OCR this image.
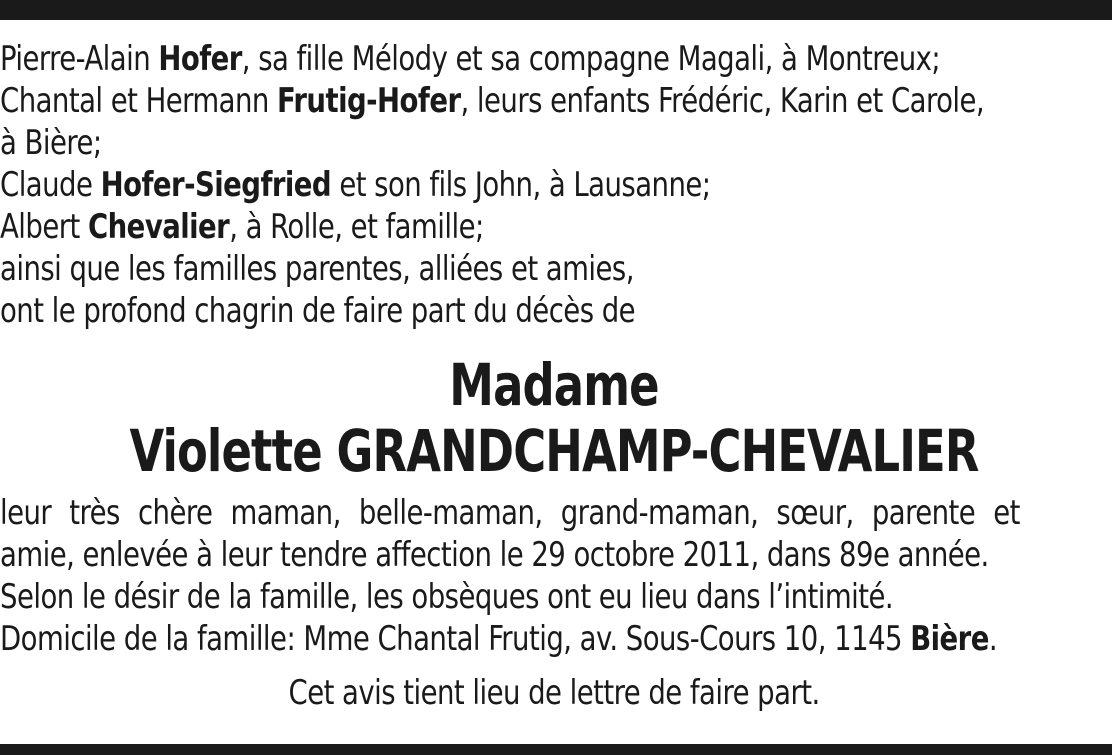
Pierre-Alain Hofer, sa fille Mélody et sa compagne Magali, à Montreux;

Chantal et Hermann Frutig-Hofer, leurs enfants Frédéric, Karin et Carole,

à Bière;

Claude Hofer-Siegfried et son fils John, à Lausanne;

Albert Chevalier, à Rolle, et famille;

ainsi que les familles parentes, alliées et amies,

ont le profond chagrin de faire part du décès de

Madame
Violette GRANDCHAMP-CHEVALIER

leur très chère maman, belle-maman, grand-maman, sœur, parente et

amie, enlevée à leur tendre affection le 29 octobre 2011, dans 89e année.

Selon le désir de la famille, les obsèques ont eu lieu dans l’intimité.

Domicile de la famille: Mme Chantal Frutig, av. Sous-Cours 10, 1145 Bière.

Cet avis tient lieu de lettre de faire part.
